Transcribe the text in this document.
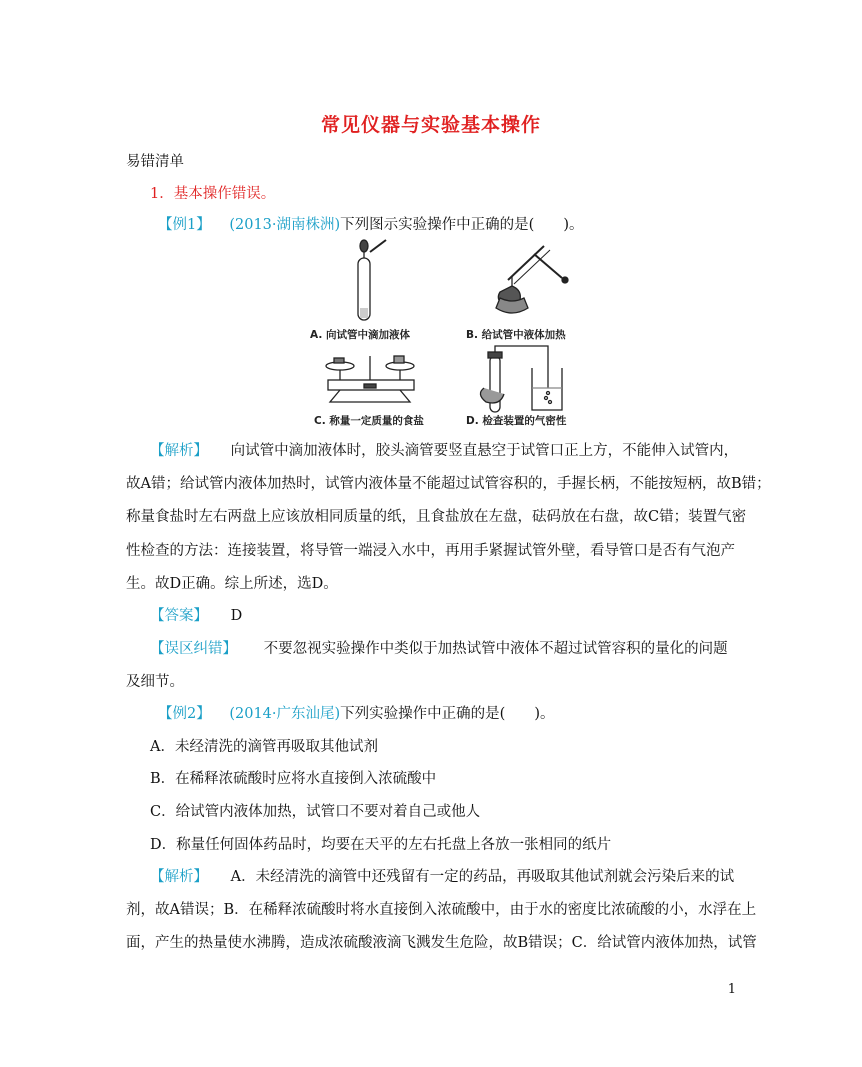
常见仪器与实验基本操作
易错清单
1．基本操作错误。
【例1】 (2013·湖南株洲)下列图示实验操作中正确的是(　　)。
A. 向试管中滴加液体	B. 给试管中液体加热
C. 称量一定质量的食盐	D. 检查装置的气密性
【解析】 向试管中滴加液体时，胶头滴管要竖直悬空于试管口正上方，不能伸入试管内，
故A错；给试管内液体加热时，试管内液体量不能超过试管容积的，手握长柄，不能按短柄，故B错；
称量食盐时左右两盘上应该放相同质量的纸，且食盐放在左盘，砝码放在右盘，故C错；装置气密
性检查的方法：连接装置，将导管一端浸入水中，再用手紧握试管外壁，看导管口是否有气泡产
生。故D正确。综上所述，选D。
【答案】 D
【误区纠错】 不要忽视实验操作中类似于加热试管中液体不超过试管容积的量化的问题
及细节。
【例2】 (2014·广东汕尾)下列实验操作中正确的是(　　)。
A．未经清洗的滴管再吸取其他试剂
B．在稀释浓硫酸时应将水直接倒入浓硫酸中
C．给试管内液体加热，试管口不要对着自己或他人
D．称量任何固体药品时，均要在天平的左右托盘上各放一张相同的纸片
【解析】 A．未经清洗的滴管中还残留有一定的药品，再吸取其他试剂就会污染后来的试
剂，故A错误；B．在稀释浓硫酸时将水直接倒入浓硫酸中，由于水的密度比浓硫酸的小，水浮在上
面，产生的热量使水沸腾，造成浓硫酸液滴飞溅发生危险，故B错误；C．给试管内液体加热，试管
1
